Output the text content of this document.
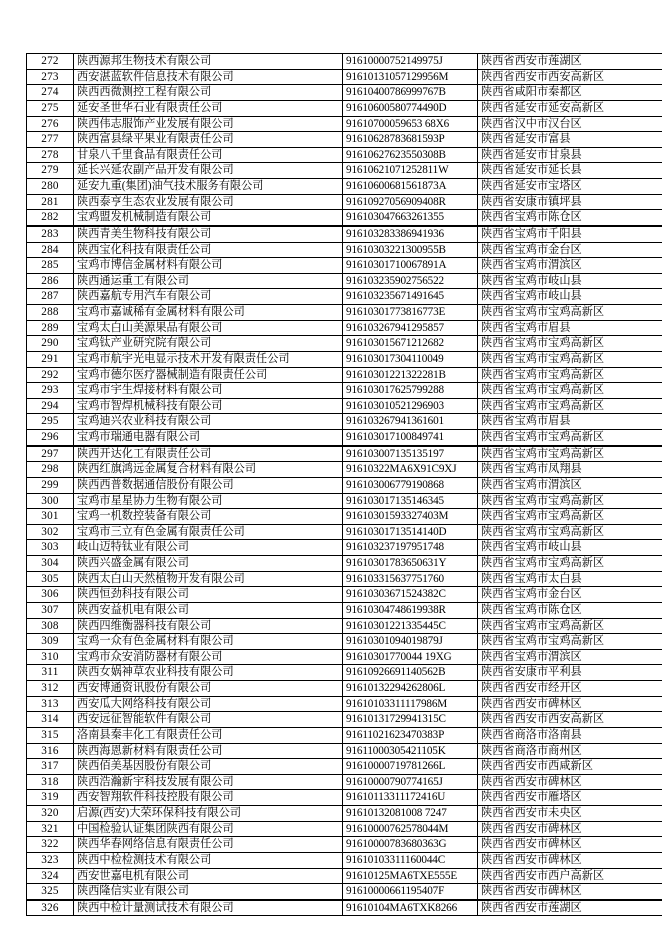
272	陕西源邦生物技术有限公司	91610000752149975J	陕西省西安市莲湖区
273	西安湛蓝软件信息技术有限公司	91610131057129956M	陕西省西安市西安高新区
274	陕西西微测控工程有限公司	91610400786999767B	陕西省咸阳市秦都区
275	延安圣世华石业有限责任公司	91610600580774490D	陕西省延安市延安高新区
276	陕西伟志服饰产业发展有限公司	91610700059653 68X6	陕西省汉中市汉台区
277	陕西富县绿平果业有限责任公司	91610628783681593P	陕西省延安市富县
278	甘泉八千里食品有限责任公司	91610627623550308B	陕西省延安市甘泉县
279	延长兴延农副产品开发有限公司	91610621071252811W	陕西省延安市延长县
280	延安九重(集团)油气技术服务有限公司	91610600681561873A	陕西省延安市宝塔区
281	陕西泰亨生态农业发展有限公司	91610927056909408R	陕西省安康市镇坪县
282	宝鸡盟发机械制造有限公司	916103047663261355	陕西省宝鸡市陈仓区
283	陕西青美生物科技有限公司	916103283386941936	陕西省宝鸡市千阳县
284	陕西宝化科技有限责任公司	91610303221300955B	陕西省宝鸡市金台区
285	宝鸡市博信金属材料有限公司	91610301710067891A	陕西省宝鸡市渭滨区
286	陕西通运重工有限公司	916103235902756522	陕西省宝鸡市岐山县
287	陕西嘉航专用汽车有限公司	916103235671491645	陕西省宝鸡市岐山县
288	宝鸡市嘉诚稀有金属材料有限公司	91610301773816773E	陕西省宝鸡市宝鸡高新区
289	宝鸡太白山美源果品有限公司	916103267941295857	陕西省宝鸡市眉县
290	宝鸡钛产业研究院有限公司	916103015671212682	陕西省宝鸡市宝鸡高新区
291	宝鸡市航宇光电显示技术开发有限责任公司	916103017304110049	陕西省宝鸡市宝鸡高新区
292	宝鸡市德尔医疗器械制造有限责任公司	91610301221322281B	陕西省宝鸡市宝鸡高新区
293	宝鸡市宇生焊接材料有限公司	916103017625799288	陕西省宝鸡市宝鸡高新区
294	宝鸡市智焊机械科技有限公司	916103010521296903	陕西省宝鸡市宝鸡高新区
295	宝鸡迪兴农业科技有限公司	916103267941361601	陕西省宝鸡市眉县
296	宝鸡市瑞通电器有限公司	916103017100849741	陕西省宝鸡市宝鸡高新区
297	陕西开达化工有限责任公司	916103007135135197	陕西省宝鸡市宝鸡高新区
298	陕西红旗鸿远金属复合材料有限公司	91610322MA6X91C9XJ	陕西省宝鸡市凤翔县
299	陕西西普数据通信股份有限公司	916103006779190868	陕西省宝鸡市渭滨区
300	宝鸡市星星协力生物有限公司	916103017135146345	陕西省宝鸡市宝鸡高新区
301	宝鸡一机数控装备有限公司	91610301593327403M	陕西省宝鸡市宝鸡高新区
302	宝鸡市三立有色金属有限责任公司	91610301713514140D	陕西省宝鸡市宝鸡高新区
303	岐山迈特钛业有限公司	916103237197951748	陕西省宝鸡市岐山县
304	陕西兴盛金属有限公司	91610301783650631Y	陕西省宝鸡市宝鸡高新区
305	陕西太白山天然植物开发有限公司	916103315637751760	陕西省宝鸡市太白县
306	陕西恒劲科技有限公司	91610303671524382C	陕西省宝鸡市金台区
307	陕西安益机电有限公司	91610304748619938R	陕西省宝鸡市陈仓区
308	陕西四维衡器科技有限公司	91610301221335445C	陕西省宝鸡市宝鸡高新区
309	宝鸡一众有色金属材料有限公司	91610301094019879J	陕西省宝鸡市宝鸡高新区
310	宝鸡市众安消防器材有限公司	91610301770044 19XG	陕西省宝鸡市渭滨区
311	陕西女娲神草农业科技有限公司	91610926691140562B	陕西省安康市平利县
312	西安博通资讯股份有限公司	91610132294262806L	陕西省西安市经开区
313	西安瓜大网络科技有限公司	91610103311117986M	陕西省西安市碑林区
314	西安远征智能软件有限公司	91610131729941315C	陕西省西安市西安高新区
315	洛南县秦丰化工有限责任公司	91611021623470383P	陕西省商洛市洛南县
316	陕西海恩新材料有限责任公司	91611000305421105K	陕西省商洛市商州区
317	陕西佰美基因股份有限公司	91610000719781266L	陕西省西安市西咸新区
318	陕西浩瀚新宇科技发展有限公司	91610000790774165J	陕西省西安市碑林区
319	西安智翔软件科技控股有限公司	91610113311172416U	陕西省西安市雁塔区
320	启源(西安)大荣环保科技有限公司	91610132081008 7247	陕西省西安市未央区
321	中国检验认证集团陕西有限公司	91610000762578044M	陕西省西安市碑林区
322	陕西华春网络信息有限责任公司	91610000783680363G	陕西省西安市碑林区
323	陕西中检检测技术有限公司	91610103311160044C	陕西省西安市碑林区
324	西安世嘉电机有限公司	91610125MA6TXE555E	陕西省西安市西户高新区
325	陕西隆信实业有限公司	91610000661195407F	陕西省西安市碑林区
326	陕西中检计量测试技术有限公司	91610104MA6TXK8266	陕西省西安市莲湖区
